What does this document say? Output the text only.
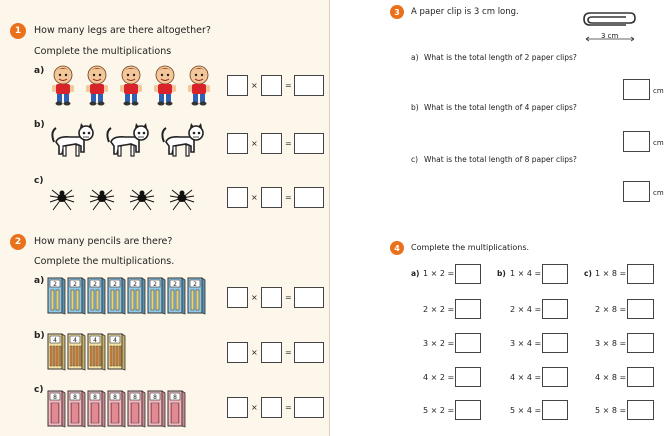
1	How many legs are there altogether?
Complete the multiplications
a)
×	=
b)
×	=
c)
×	=
2	How many pencils are there?
Complete the multiplications.
a)
×	=
b)
×	=
c)
×	=
3	A paper clip is 3 cm long.
3 cm
a) What is the total length of 2 paper clips?
cm
b) What is the total length of 4 paper clips?
cm
c) What is the total length of 8 paper clips?
cm
4	Complete the multiplications.
a) 1 × 2 =
2 × 2 =
3 × 2 =
4 × 2 =
5 × 2 =
b) 1 × 4 =
2 × 4 =
3 × 4 =
4 × 4 =
5 × 4 =
c) 1 × 8 =
2 × 8 =
3 × 8 =
4 × 8 =
5 × 8 =
